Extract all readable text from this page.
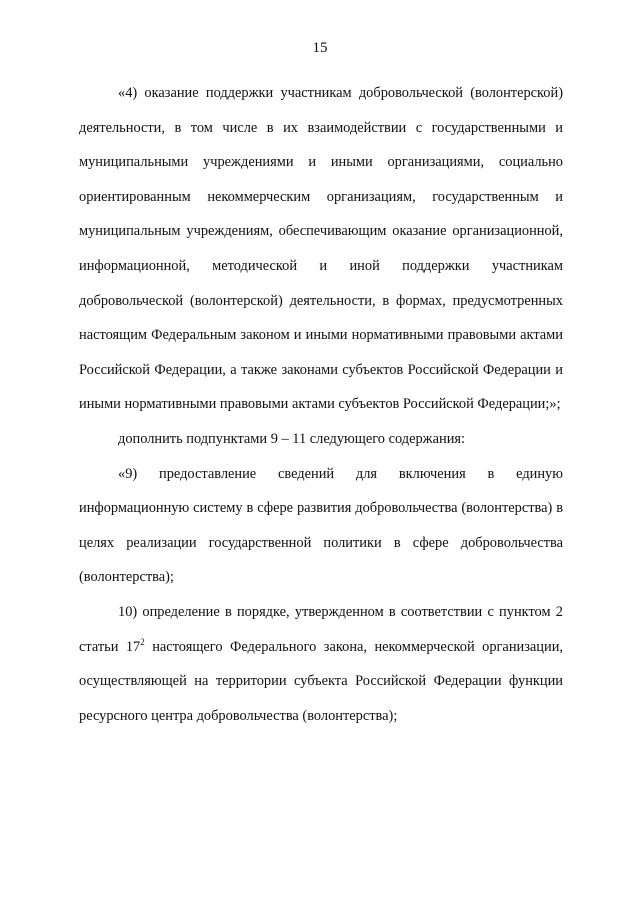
15

«4) оказание поддержки участникам добровольческой (волонтерской) деятельности, в том числе в их взаимодействии с государственными и муниципальными учреждениями и иными организациями, социально ориентированным некоммерческим организациям, государственным и муниципальным учреждениям, обеспечивающим оказание организационной, информационной, методической и иной поддержки участникам добровольческой (волонтерской) деятельности, в формах, предусмотренных настоящим Федеральным законом и иными нормативными правовыми актами Российской Федерации, а также законами субъектов Российской Федерации и иными нормативными правовыми актами субъектов Российской Федерации;»;

дополнить подпунктами 9 – 11 следующего содержания:

«9) предоставление сведений для включения в единую информационную систему в сфере развития добровольчества (волонтерства) в целях реализации государственной политики в сфере добровольчества (волонтерства);

10) определение в порядке, утвержденном в соответствии с пунктом 2 статьи $17^2$ настоящего Федерального закона, некоммерческой организации, осуществляющей на территории субъекта Российской Федерации функции ресурсного центра добровольчества (волонтерства);
